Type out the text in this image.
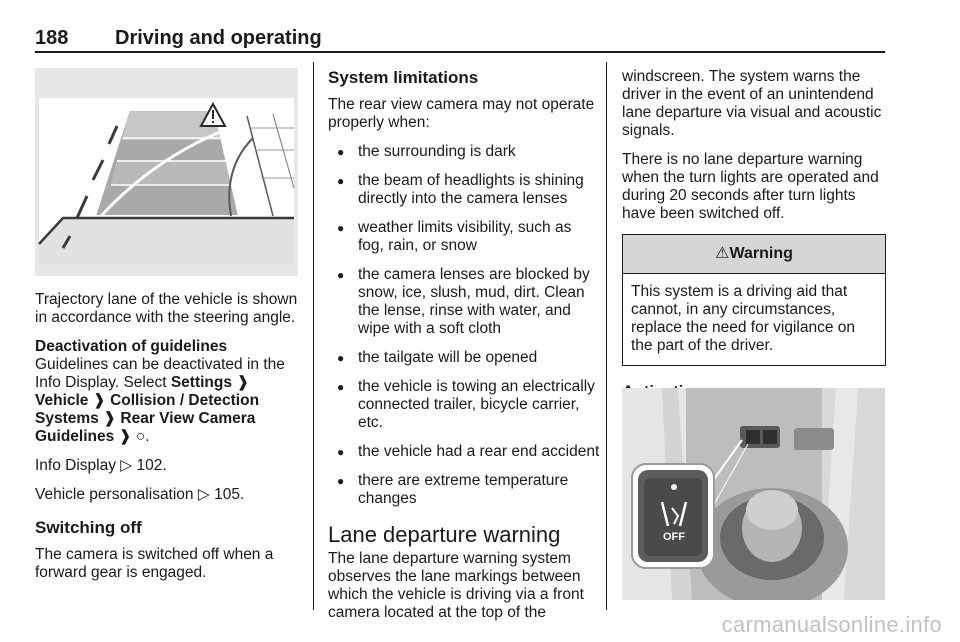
188 Driving and operating

Trajectory lane of the vehicle is shown in accordance with the steering angle.

Deactivation of guidelines

Guidelines can be deactivated in the Info Display. Select Settings ❱ Vehicle ❱ Collision / Detection Systems ❱ Rear View Camera Guidelines ❱ ○.

Info Display ▷ 102.

Vehicle personalisation ▷ 105.

Switching off

The camera is switched off when a forward gear is engaged.

System limitations

The rear view camera may not operate properly when:

● the surrounding is dark
● the beam of headlights is shining directly into the camera lenses
● weather limits visibility, such as fog, rain, or snow
● the camera lenses are blocked by snow, ice, slush, mud, dirt. Clean the lense, rinse with water, and wipe with a soft cloth
● the tailgate will be opened
● the vehicle is towing an electrically connected trailer, bicycle carrier, etc.
● the vehicle had a rear end accident
● there are extreme temperature changes
Lane departure warning

The lane departure warning system observes the lane markings between which the vehicle is driving via a front camera located at the top of the

windscreen. The system warns the driver in the event of an unintendend lane departure via visual and acoustic signals.

There is no lane departure warning when the turn lights are operated and during 20 seconds after turn lights have been switched off.

⚠Warning
This system is a driving aid that cannot, in any circumstances, replace the need for vigilance on the part of the driver.
OFF
carmanualsonline.info
